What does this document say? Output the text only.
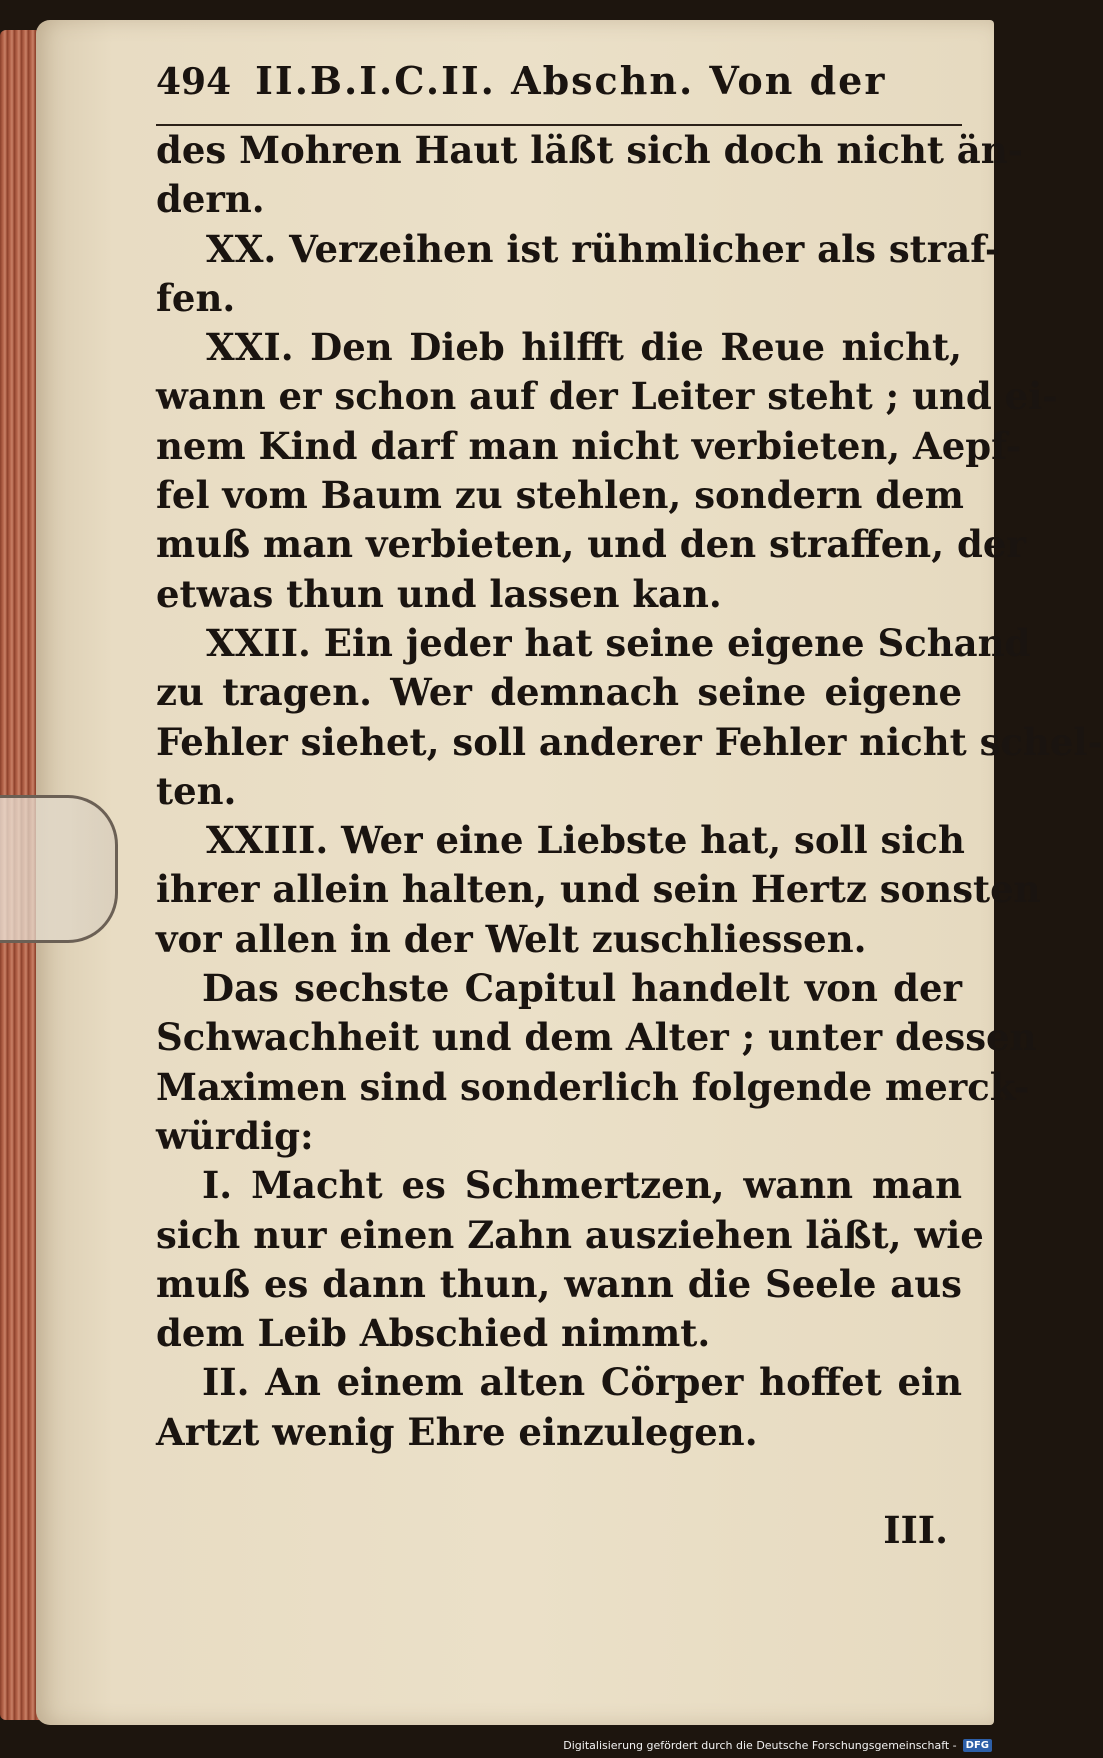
494 II.B.I.C.II. Abschn. Von der
des Mohren Haut läßt sich doch nicht än-
dern.
XX. Verzeihen ist rühmlicher als straf-
fen.
XXI. Den Dieb hilfft die Reue nicht,
wann er schon auf der Leiter steht ; und ei-
nem Kind darf man nicht verbieten, Aepf-
fel vom Baum zu stehlen, sondern dem
muß man verbieten, und den straffen, der
etwas thun und lassen kan.
XXII. Ein jeder hat seine eigene Schand
zu tragen. Wer demnach seine eigene
Fehler siehet, soll anderer Fehler nicht schel-
ten.
XXIII. Wer eine Liebste hat, soll sich
ihrer allein halten, und sein Hertz sonsten
vor allen in der Welt zuschliessen.
Das sechste Capitul handelt von der
Schwachheit und dem Alter ; unter dessen
Maximen sind sonderlich folgende merck-
würdig:
I. Macht es Schmertzen, wann man
sich nur einen Zahn ausziehen läßt, wie
muß es dann thun, wann die Seele aus
dem Leib Abschied nimmt.
II. An einem alten Cörper hoffet ein
Artzt wenig Ehre einzulegen.
III.
Digitalisierung gefördert durch die Deutsche Forschungsgemeinschaft - DFG
